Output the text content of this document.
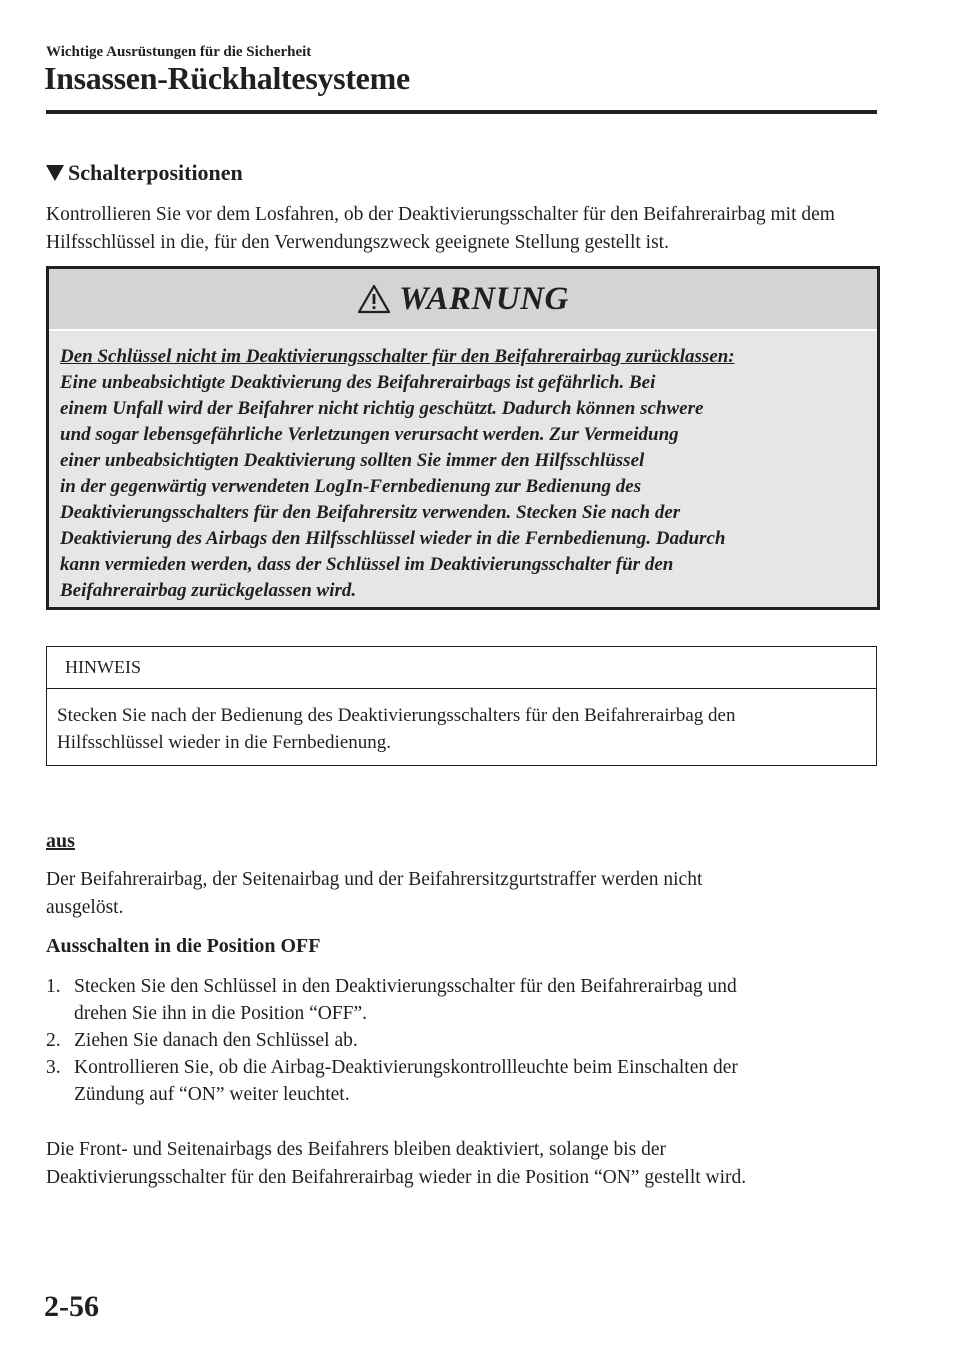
Wichtige Ausrüstungen für die Sicherheit
Insassen-Rückhaltesysteme
Schalterpositionen
Kontrollieren Sie vor dem Losfahren, ob der Deaktivierungsschalter für den Beifahrerairbag mit dem Hilfsschlüssel in die, für den Verwendungszweck geeignete Stellung gestellt ist.
WARNUNG
Den Schlüssel nicht im Deaktivierungsschalter für den Beifahrerairbag zurücklassen:
Eine unbeabsichtigte Deaktivierung des Beifahrerairbags ist gefährlich. Bei
einem Unfall wird der Beifahrer nicht richtig geschützt. Dadurch können schwere
und sogar lebensgefährliche Verletzungen verursacht werden. Zur Vermeidung
einer unbeabsichtigten Deaktivierung sollten Sie immer den Hilfsschlüssel
in der gegenwärtig verwendeten LogIn-Fernbedienung zur Bedienung des
Deaktivierungsschalters für den Beifahrersitz verwenden. Stecken Sie nach der
Deaktivierung des Airbags den Hilfsschlüssel wieder in die Fernbedienung. Dadurch
kann vermieden werden, dass der Schlüssel im Deaktivierungsschalter für den
Beifahrerairbag zurückgelassen wird.
HINWEIS
Stecken Sie nach der Bedienung des Deaktivierungsschalters für den Beifahrerairbag den
Hilfsschlüssel wieder in die Fernbedienung.
aus
Der Beifahrerairbag, der Seitenairbag und der Beifahrersitzgurtstraffer werden nicht
ausgelöst.
Ausschalten in die Position OFF
1. Stecken Sie den Schlüssel in den Deaktivierungsschalter für den Beifahrerairbag und
drehen Sie ihn in die Position “OFF”.
2. Ziehen Sie danach den Schlüssel ab.
3. Kontrollieren Sie, ob die Airbag-Deaktivierungskontrollleuchte beim Einschalten der
Zündung auf “ON” weiter leuchtet.
Die Front- und Seitenairbags des Beifahrers bleiben deaktiviert, solange bis der
Deaktivierungsschalter für den Beifahrerairbag wieder in die Position “ON” gestellt wird.
2-56
